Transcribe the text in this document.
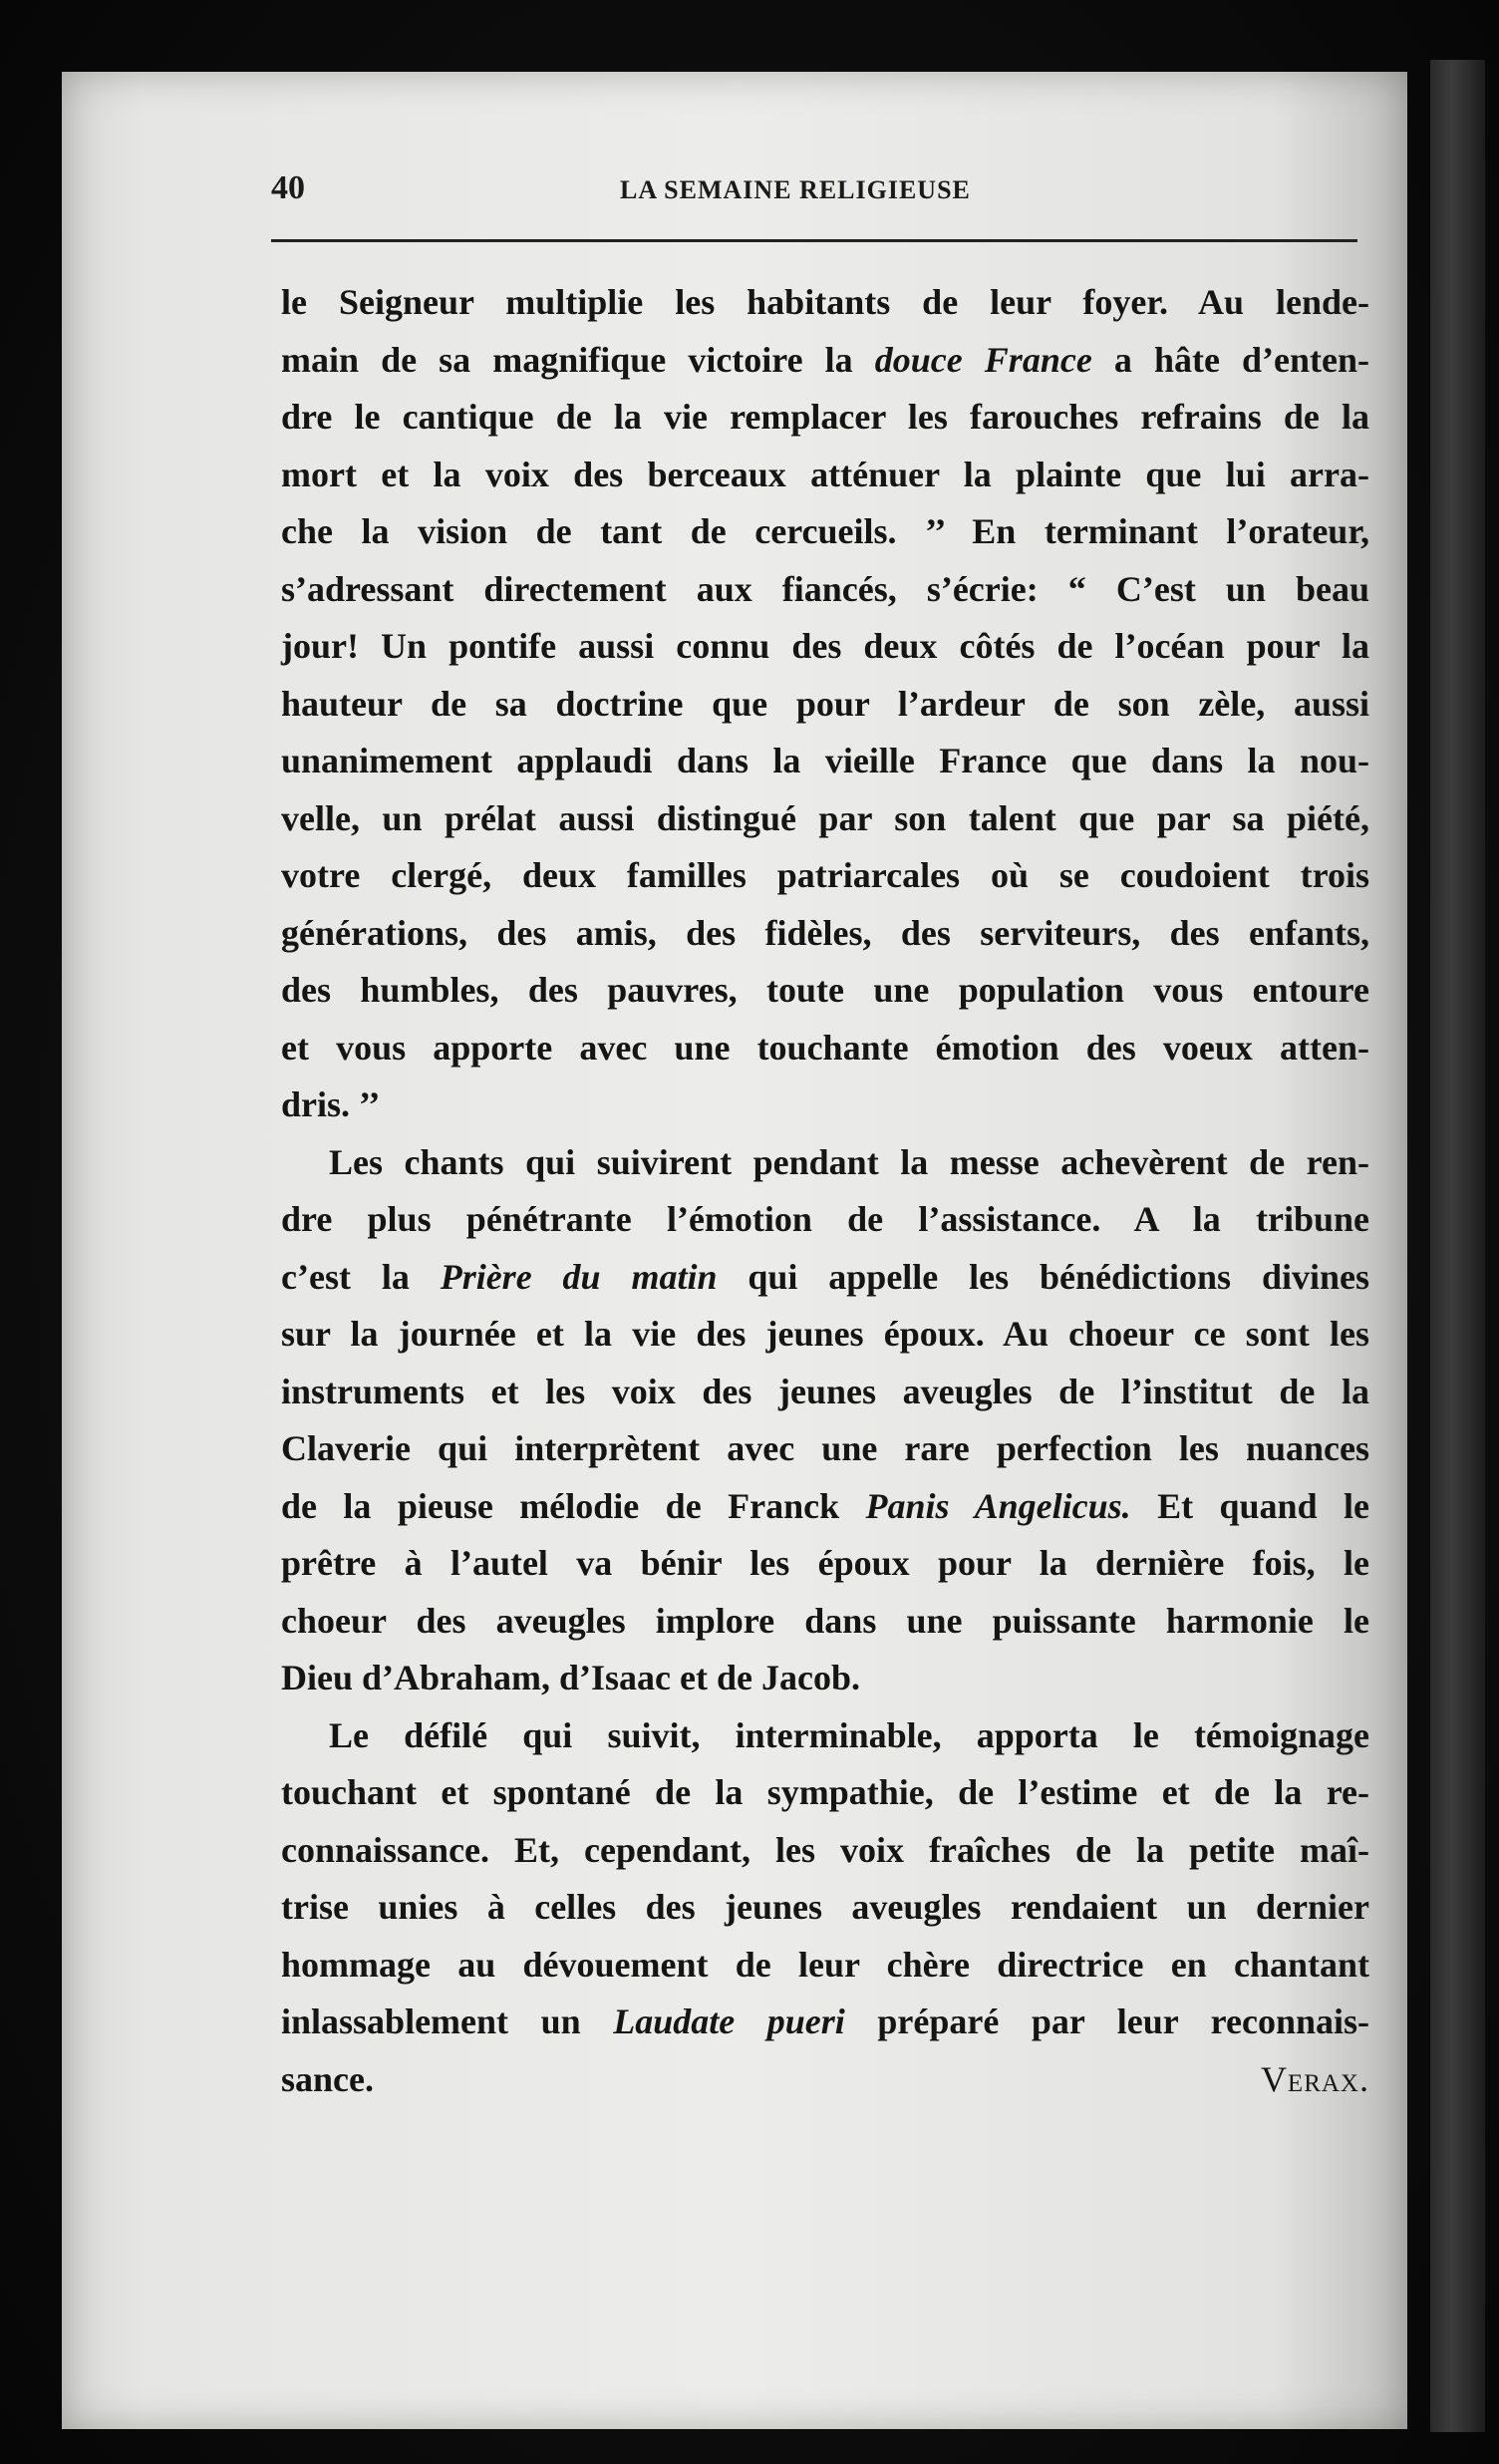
40	LA SEMAINE RELIGIEUSE
le Seigneur multiplie les habitants de leur foyer. Au lende-
main de sa magnifique victoire la douce France a hâte d’enten-
dre le cantique de la vie remplacer les farouches refrains de la
mort et la voix des berceaux atténuer la plainte que lui arra-
che la vision de tant de cercueils. ’’ En terminant l’orateur,
s’adressant directement aux fiancés, s’écrie: “ C’est un beau
jour! Un pontife aussi connu des deux côtés de l’océan pour la
hauteur de sa doctrine que pour l’ardeur de son zèle, aussi
unanimement applaudi dans la vieille France que dans la nou-
velle, un prélat aussi distingué par son talent que par sa piété,
votre clergé, deux familles patriarcales où se coudoient trois
générations, des amis, des fidèles, des serviteurs, des enfants,
des humbles, des pauvres, toute une population vous entoure
et vous apporte avec une touchante émotion des voeux atten-
dris. ’’
Les chants qui suivirent pendant la messe achevèrent de ren-
dre plus pénétrante l’émotion de l’assistance. A la tribune
c’est la Prière du matin qui appelle les bénédictions divines
sur la journée et la vie des jeunes époux. Au choeur ce sont les
instruments et les voix des jeunes aveugles de l’institut de la
Claverie qui interprètent avec une rare perfection les nuances
de la pieuse mélodie de Franck Panis Angelicus. Et quand le
prêtre à l’autel va bénir les époux pour la dernière fois, le
choeur des aveugles implore dans une puissante harmonie le
Dieu d’Abraham, d’Isaac et de Jacob.
Le défilé qui suivit, interminable, apporta le témoignage
touchant et spontané de la sympathie, de l’estime et de la re-
connaissance. Et, cependant, les voix fraîches de la petite maî-
trise unies à celles des jeunes aveugles rendaient un dernier
hommage au dévouement de leur chère directrice en chantant
inlassablement un Laudate pueri préparé par leur reconnais-
sance.	Verax.
